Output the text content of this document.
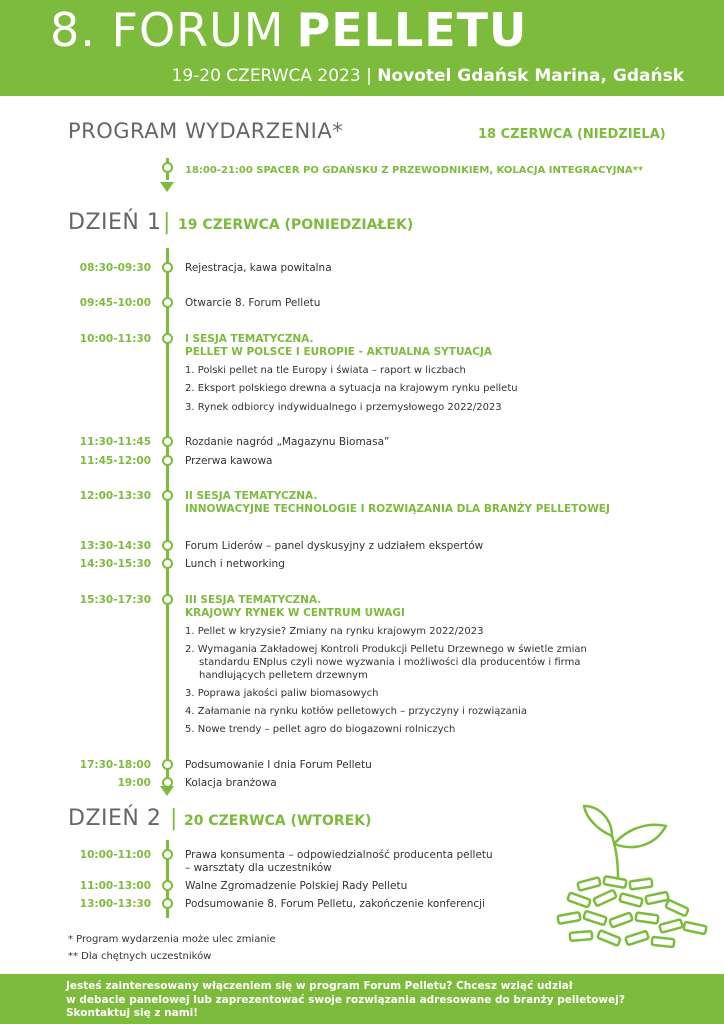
8. FORUM PELLETU
19-20 CZERWCA 2023 | Novotel Gdańsk Marina, Gdańsk
PROGRAM WYDARZENIA*	18 CZERWCA (NIEDZIELA)
18:00-21:00 SPACER PO GDAŃSKU Z PRZEWODNIKIEM, KOLACJA INTEGRACYJNA**
DZIEŃ 1 | 19 CZERWCA (PONIEDZIAŁEK)
08:30-09:30	Rejestracja, kawa powitalna
09:45-10:00	Otwarcie 8. Forum Pelletu
10:00-11:30	I SESJA TEMATYCZNA.
PELLET W POLSCE I EUROPIE - AKTUALNA SYTUACJA
1. Polski pellet na tle Europy i świata – raport w liczbach
2. Eksport polskiego drewna a sytuacja na krajowym rynku pelletu
3. Rynek odbiorcy indywidualnego i przemysłowego 2022/2023
11:30-11:45	Rozdanie nagród „Magazynu Biomasa”
11:45-12:00	Przerwa kawowa
12:00-13:30	II SESJA TEMATYCZNA.
INNOWACYJNE TECHNOLOGIE I ROZWIĄZANIA DLA BRANŻY PELLETOWEJ
13:30-14:30	Forum Liderów – panel dyskusyjny z udziałem ekspertów
14:30-15:30	Lunch i networking
15:30-17:30	III SESJA TEMATYCZNA.
KRAJOWY RYNEK W CENTRUM UWAGI
1. Pellet w kryzysie? Zmiany na rynku krajowym 2022/2023
2. Wymagania Zakładowej Kontroli Produkcji Pelletu Drzewnego w świetle zmian
standardu ENplus czyli nowe wyzwania i możliwości dla producentów i firma
handlujących pelletem drzewnym
3. Poprawa jakości paliw biomasowych
4. Załamanie na rynku kotłów pelletowych – przyczyny i rozwiązania
5. Nowe trendy – pellet agro do biogazowni rolniczych
17:30-18:00	Podsumowanie I dnia Forum Pelletu
19:00	Kolacja branżowa
DZIEŃ 2 | 20 CZERWCA (WTOREK)
10:00-11:00	Prawa konsumenta – odpowiedzialność producenta pelletu
– warsztaty dla uczestników
11:00-13:00	Walne Zgromadzenie Polskiej Rady Pelletu
13:00-13:30	Podsumowanie 8. Forum Pelletu, zakończenie konferencji
* Program wydarzenia może ulec zmianie
** Dla chętnych uczestników
Jesteś zainteresowany włączeniem się w program Forum Pelletu? Chcesz wziąć udział
w debacie panelowej lub zaprezentować swoje rozwiązania adresowane do branży pelletowej?
Skontaktuj się z nami!
